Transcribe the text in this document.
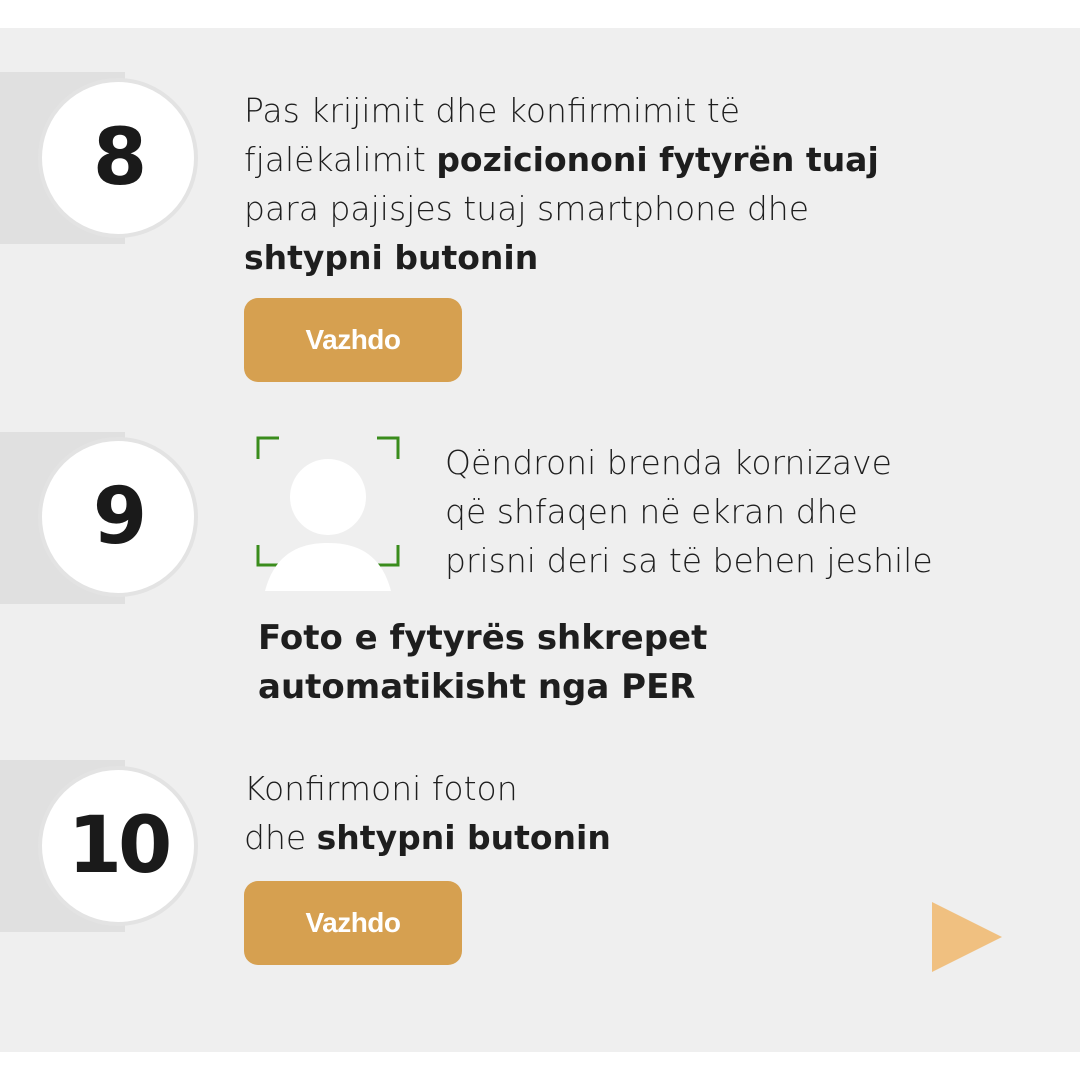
8
Pas krijimit dhe konfirmimit të
fjalëkalimit poziciononi fytyrën tuaj
para pajisjes tuaj smartphone dhe
shtypni butonin
Vazhdo
9
Qëndroni brenda kornizave
që shfaqen në ekran dhe
prisni deri sa të behen jeshile
Foto e fytyrës shkrepet
automatikisht nga PER
10
Konfirmoni foton
dhe shtypni butonin
Vazhdo
